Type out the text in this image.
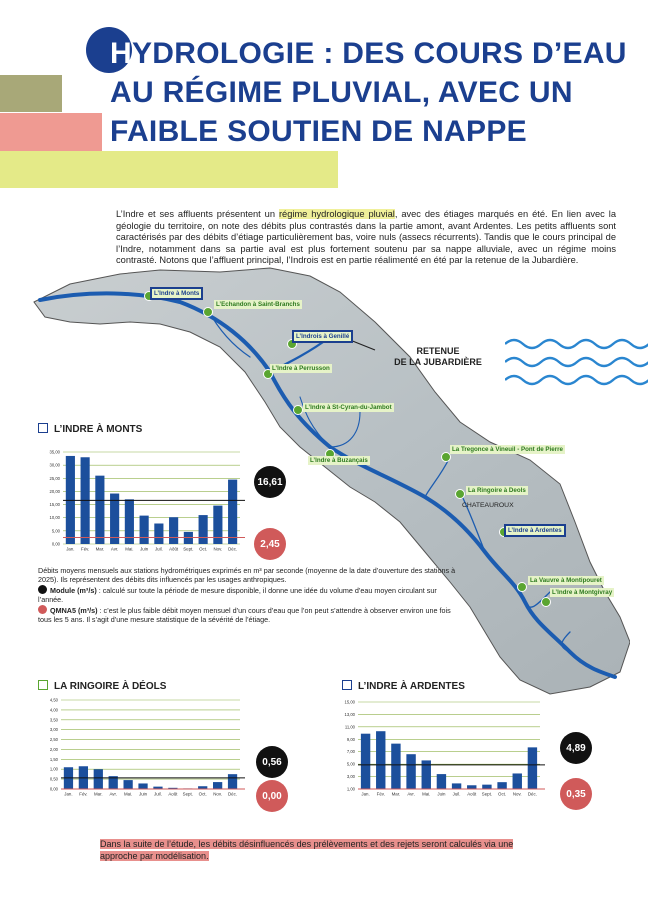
HYDROLOGIE : DES COURS D’EAU
AU RÉGIME PLUVIAL, AVEC UN
FAIBLE SOUTIEN DE NAPPE
L’Indre à Monts
L’Echandon à Saint-Branchs
L’Indrois à Genillé
L’Indre à Perrusson
L’Indre à St-Cyran-du-Jambot
L’Indre à Buzançais
La Tregonce à Vineuil - Pont de Pierre
La Ringoire à Deols
CHATEAUROUX
L’Indre à Ardentes
La Vauvre à Montipouret
L’Indre à Montgivray
RETENUE
DE LA JUBARDIÈRE
L’Indre et ses affluents présentent un régime hydrologique pluvial, avec des étiages marqués en été. En lien avec la géologie du territoire, on note des débits plus contrastés dans la partie amont, avant Ardentes. Les petits affluents sont caractérisés par des débits d’étiage particulièrement bas, voire nuls (assecs récurrents). Tandis que le cours principal de l’Indre, notamment dans sa partie aval est plus fortement soutenu par sa nappe alluviale, avec un régime moins contrasté. Notons que l’affluent principal, l’Indrois est en partie réalimenté en été par la retenue de la Jubardière.
L’INDRE À MONTS
0,00
5,00
10,00
15,00
20,00
25,00
30,00
35,00
Jan. Fév. Mar. Avr. Mai. Juin Juil. Aôût Sept. Oct. Nov. Déc.
16,61
2,45
Débits moyens mensuels aux stations hydrométriques exprimés en m³ par seconde (moyenne de la date d’ouverture des stations à 2025). Ils représentent des débits dits influencés par les usages anthropiques.
Module (m³/s) : calculé sur toute la période de mesure disponible, il donne une idée du volume d’eau moyen circulant sur l’année.
QMNA5 (m³/s) : c’est le plus faible débit moyen mensuel d’un cours d’eau que l’on peut s’attendre à observer environ une fois tous les 5 ans. Il s’agit d’une mesure statistique de la sévérité de l’étiage.
LA RINGOIRE À DÉOLS
0,00
0,50
1,00
1,50
2,00
2,50
3,00
3,50
4,00
4,50
Jan. Fév. Mar. Avr. Mai. Juin Juil. Août Sept. Oct. Nov. Déc.
0,56
0,00
L’INDRE À ARDENTES
1,00
3,00
5,00
7,00
9,00
11,00
13,00
15,00
Jan. Fév. Mar. Avr. Mai. Juin Juil. Août Sept. Oct. Nov. Déc.
4,89
0,35
Dans la suite de l’étude, les débits désinfluencés des prélèvements et des rejets seront calculés via une approche par modélisation.
